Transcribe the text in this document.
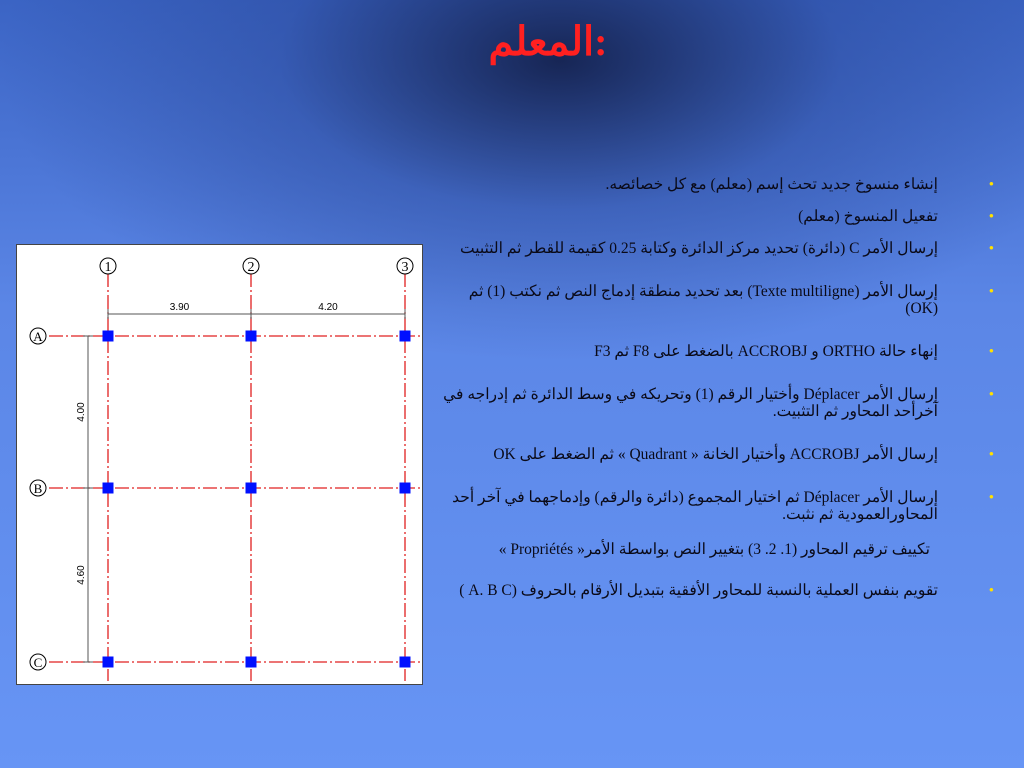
المعلم:
•
إنشاء منسوخ جديد تحث إسم (معلم) مع كل خصائصه.
•
تفعيل المنسوخ (معلم)
•
إرسال الأمر C (دائرة) تحديد مركز الدائرة وكتابة 0.25 كقيمة للقطر ثم التثبيت
•
إرسال الأمر (Texte multiligne) بعد تحديد منطقة إدماج النص ثم نكتب (1) ثم (OK)
•
إنهاء حالة ORTHO و ACCROBJ بالضغط على F8 ثم F3
•
إرسال الأمر Déplacer وأختيار الرقم (1) وتحريكه في وسط الدائرة ثم إدراجه في آخرأحد المحاور ثم التثبيت.
•
إرسال الأمر ACCROBJ وأختيار الخانة « Quadrant » ثم الضغط على OK
•
إرسال الأمر Déplacer ثم اختيار المجموع (دائرة والرقم) وإدماجهما في آخر أحد المحاورالعمودية ثم نثبت.
تكييف ترقيم المحاور (1. 2. 3) بتغيير النص بواسطة الأمر« Propriétés »
•
تقويم بنفس العملية بالنسبة للمحاور الأفقية بتبديل الأرقام بالحروف (A. B C )
3.90	4.20
4.00
4.60
1	2	3
A
B
C
